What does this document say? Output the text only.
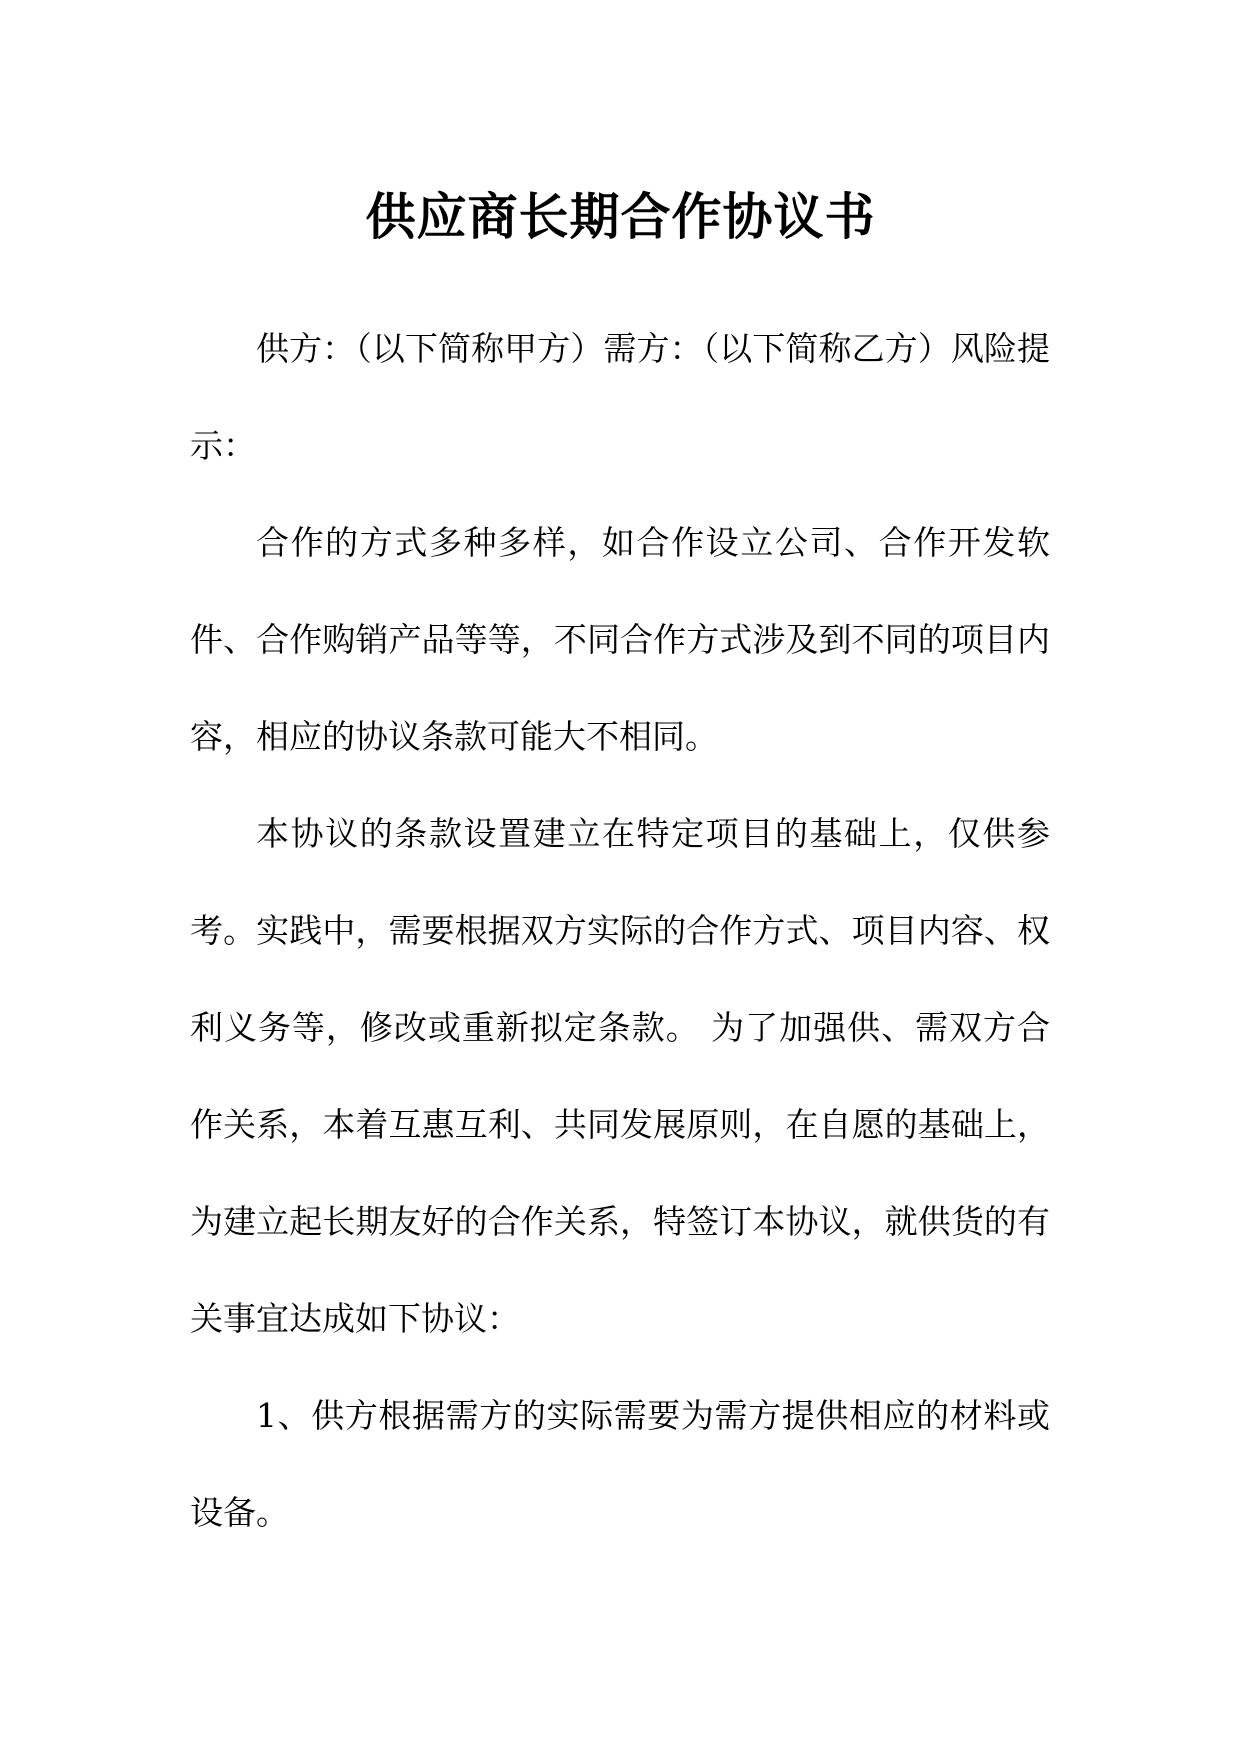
供应商长期合作协议书

供方：（以下简称甲方）需方：（以下简称乙方）风险提示：

合作的方式多种多样，如合作设立公司、合作开发软件、合作购销产品等等，不同合作方式涉及到不同的项目内容，相应的协议条款可能大不相同。

本协议的条款设置建立在特定项目的基础上，仅供参考。实践中，需要根据双方实际的合作方式、项目内容、权利义务等，修改或重新拟定条款。 为了加强供、需双方合作关系，本着互惠互利、共同发展原则，在自愿的基础上，为建立起长期友好的合作关系，特签订本协议，就供货的有关事宜达成如下协议：

1、供方根据需方的实际需要为需方提供相应的材料或设备。
